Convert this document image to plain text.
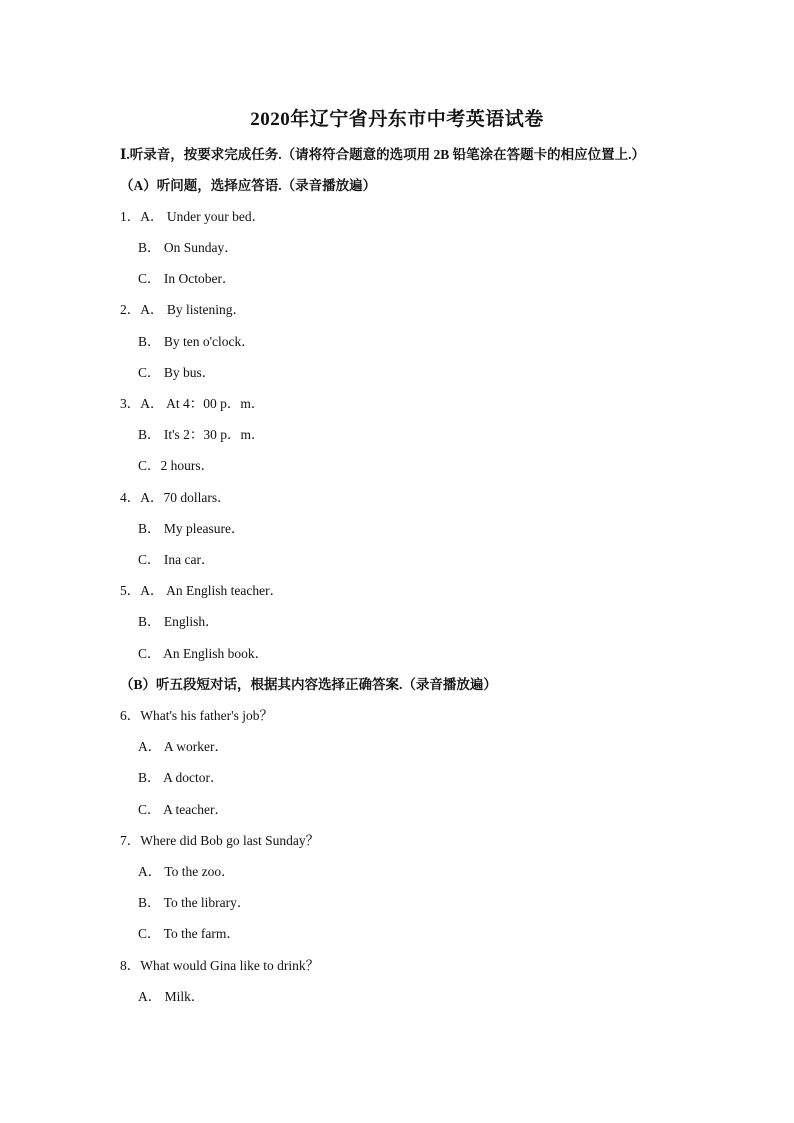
2020年辽宁省丹东市中考英语试卷
Ⅰ.听录音，按要求完成任务.（请将符合题意的选项用 2B 铅笔涂在答题卡的相应位置上.）
（A）听问题，选择应答语.（录音播放遍）
1．A． Under your bed．
B． On Sunday．
C． In October．
2．A． By listening．
B． By ten o'clock．
C． By bus．
3．A． At 4：00 p．m．
B． It's 2：30 p．m．
C．2 hours．
4．A．70 dollars．
B． My pleasure．
C． Ina car．
5．A． An English teacher．
B． English．
C． An English book．
（B）听五段短对话，根据其内容选择正确答案.（录音播放遍）
6．What's his father's job？
A． A worker．
B． A doctor．
C． A teacher．
7．Where did Bob go last Sunday？
A． To the zoo．
B． To the library．
C． To the farm．
8．What would Gina like to drink？
A． Milk．
